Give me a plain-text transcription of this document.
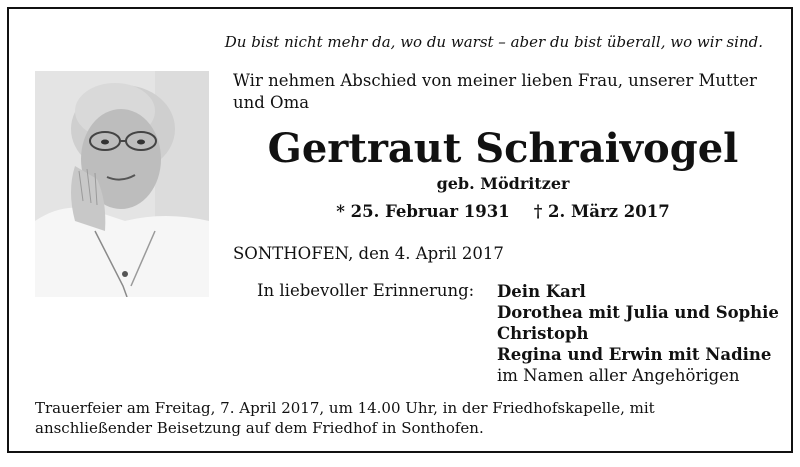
Du bist nicht mehr da, wo du warst – aber du bist überall, wo wir sind.
Wir nehmen Abschied von meiner lieben Frau, unserer Mutter und Oma
Gertraut Schraivogel
geb. Mödritzer
* 25. Februar 1931 † 2. März 2017
SONTHOFEN, den 4. April 2017
In liebevoller Erinnerung: Dein Karl
Dorothea mit Julia und Sophie
Christoph
Regina und Erwin mit Nadine
im Namen aller Angehörigen
Trauerfeier am Freitag, 7. April 2017, um 14.00 Uhr, in der Friedhofskapelle, mit anschließender Beisetzung auf dem Friedhof in Sonthofen.
